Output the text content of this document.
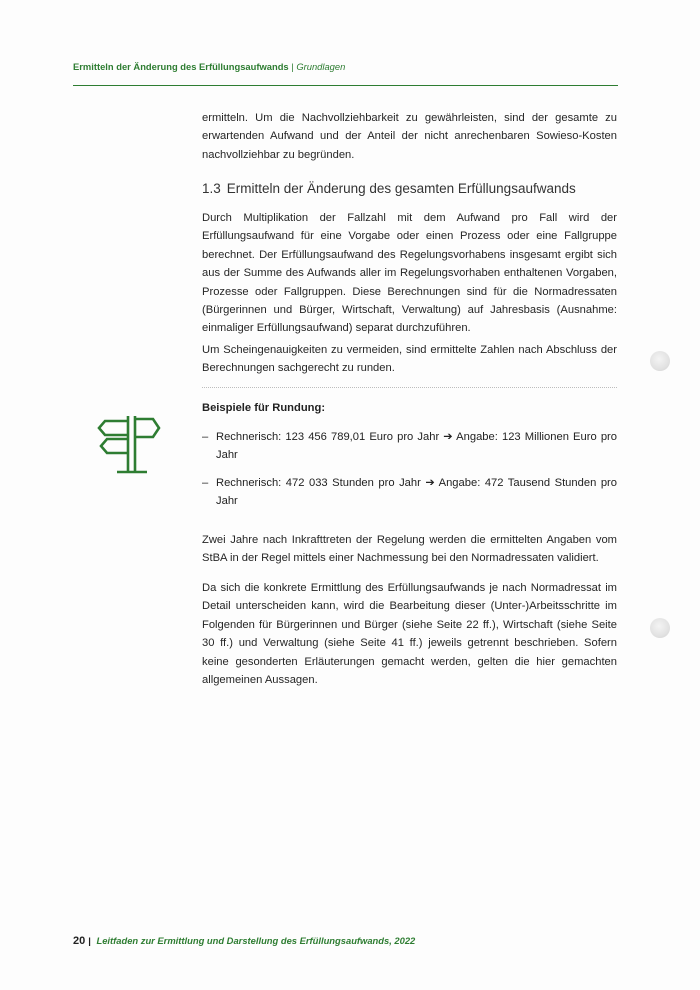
Ermitteln der Änderung des Erfüllungsaufwands | Grundlagen
ermitteln. Um die Nachvollziehbarkeit zu gewährleisten, sind der gesamte zu erwartenden Aufwand und der Anteil der nicht anrechenbaren Sowieso-Kosten nachvollziehbar zu begründen.
1.3 Ermitteln der Änderung des gesamten Erfüllungsaufwands
Durch Multiplikation der Fallzahl mit dem Aufwand pro Fall wird der Erfüllungsaufwand für eine Vorgabe oder einen Prozess oder eine Fallgruppe berechnet. Der Erfüllungsaufwand des Regelungsvorhabens insgesamt ergibt sich aus der Summe des Aufwands aller im Regelungsvorhaben enthaltenen Vorgaben, Prozesse oder Fallgruppen. Diese Berechnungen sind für die Normadressaten (Bürgerinnen und Bürger, Wirtschaft, Verwaltung) auf Jahresbasis (Ausnahme: einmaliger Erfüllungsaufwand) separat durchzuführen.
Um Scheingenauigkeiten zu vermeiden, sind ermittelte Zahlen nach Abschluss der Berechnungen sachgerecht zu runden.
Beispiele für Rundung:
– Rechnerisch: 123 456 789,01 Euro pro Jahr ➔ Angabe: 123 Millionen Euro pro Jahr
– Rechnerisch: 472 033 Stunden pro Jahr ➔ Angabe: 472 Tausend Stunden pro Jahr
Zwei Jahre nach Inkrafttreten der Regelung werden die ermittelten Angaben vom StBA in der Regel mittels einer Nachmessung bei den Normadressaten validiert.
Da sich die konkrete Ermittlung des Erfüllungsaufwands je nach Normadressat im Detail unterscheiden kann, wird die Bearbeitung dieser (Unter-)Arbeitsschritte im Folgenden für Bürgerinnen und Bürger (siehe Seite 22 ff.), Wirtschaft (siehe Seite 30 ff.) und Verwaltung (siehe Seite 41 ff.) jeweils getrennt beschrieben. Sofern keine gesonderten Erläuterungen gemacht werden, gelten die hier gemachten allgemeinen Aussagen.
20 | Leitfaden zur Ermittlung und Darstellung des Erfüllungsaufwands, 2022
